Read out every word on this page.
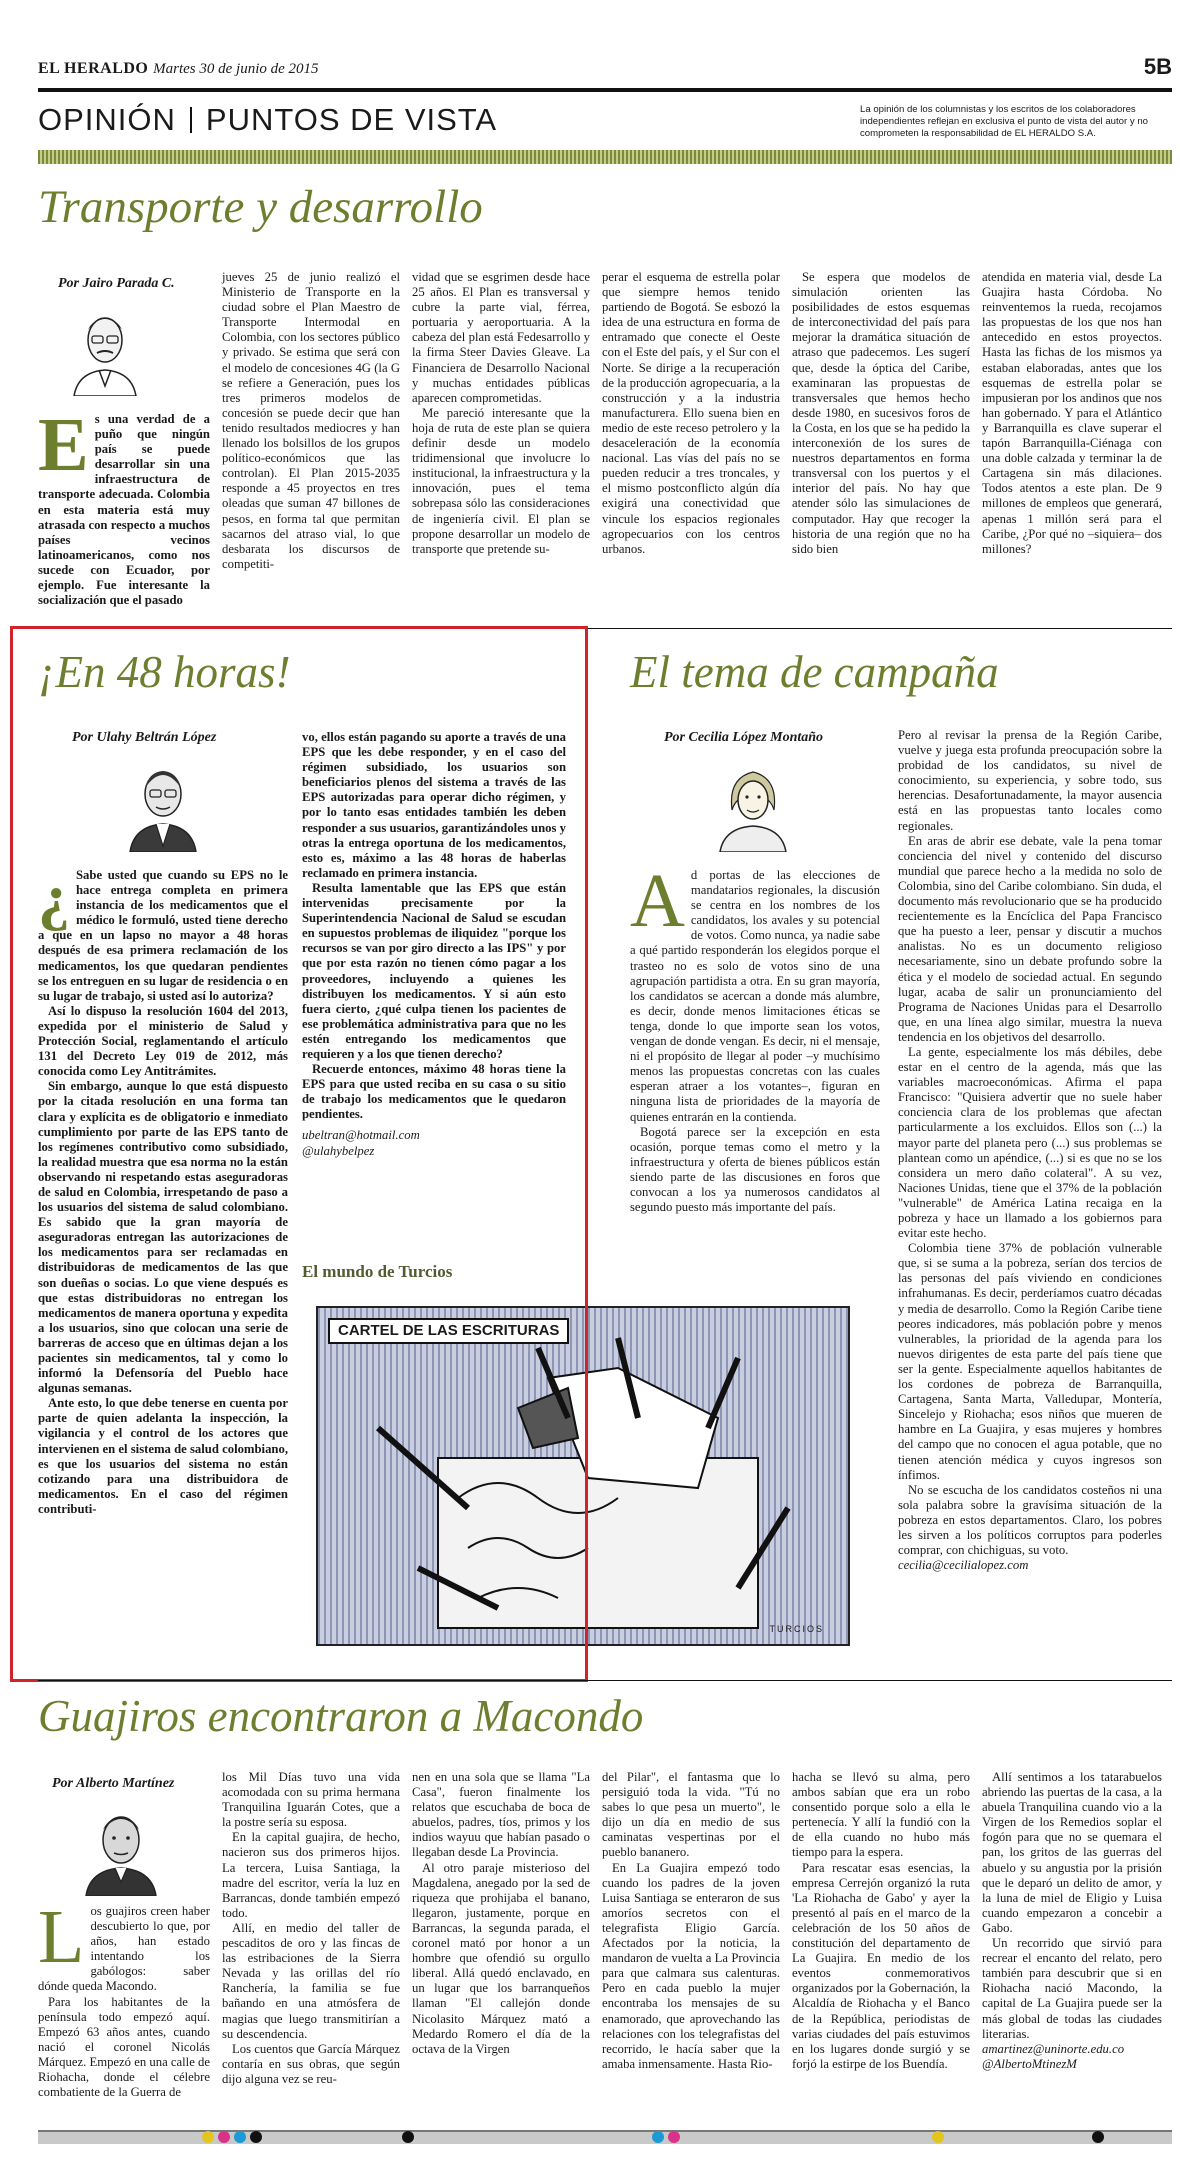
EL HERALDO Martes 30 de junio de 2015	5B
OPINIÓN PUNTOS DE VISTA	La opinión de los columnistas y los escritos de los colaboradores independientes reflejan en exclusiva el punto de vista del autor y no comprometen la responsabilidad de EL HERALDO S.A.
Transporte y desarrollo
Por Jairo Parada C.
Es una verdad de a puño que ningún país se puede desarrollar sin una infraestructura de transporte adecuada. Colombia en esta materia está muy atrasada con respecto a muchos países vecinos latinoamericanos, como nos sucede con Ecuador, por ejemplo. Fue interesante la socialización que el pasado

jueves 25 de junio realizó el Ministerio de Transporte en la ciudad sobre el Plan Maestro de Transporte Intermodal en Colombia, con los sectores público y privado. Se estima que será con el modelo de concesiones 4G (la G se refiere a Generación, pues los tres primeros modelos de concesión se puede decir que han tenido resultados mediocres y han llenado los bolsillos de los grupos político-económicos que las controlan). El Plan 2015-2035 responde a 45 proyectos en tres oleadas que suman 47 billones de pesos, en forma tal que permitan sacarnos del atraso vial, lo que desbarata los discursos de competiti-

vidad que se esgrimen desde hace 25 años. El Plan es transversal y cubre la parte vial, férrea, portuaria y aeroportuaria. A la cabeza del plan está Fedesarrollo y la firma Steer Davies Gleave. La Financiera de Desarrollo Nacional y muchas entidades públicas aparecen comprometidas.

Me pareció interesante que la hoja de ruta de este plan se quiera definir desde un modelo tridimensional que involucre lo institucional, la infraestructura y la innovación, pues el tema sobrepasa sólo las consideraciones de ingeniería civil. El plan se propone desarrollar un modelo de transporte que pretende su-

perar el esquema de estrella polar que siempre hemos tenido partiendo de Bogotá. Se esbozó la idea de una estructura en forma de entramado que conecte el Oeste con el Este del país, y el Sur con el Norte. Se dirige a la recuperación de la producción agropecuaria, a la construcción y a la industria manufacturera. Ello suena bien en medio de este receso petrolero y la desaceleración de la economía nacional. Las vías del país no se pueden reducir a tres troncales, y el mismo postconflicto algún día exigirá una conectividad que vincule los espacios regionales agropecuarios con los centros urbanos.

Se espera que modelos de simulación orienten las posibilidades de estos esquemas de interconectividad del país para mejorar la dramática situación de atraso que padecemos. Les sugerí que, desde la óptica del Caribe, examinaran las propuestas de transversales que hemos hecho desde 1980, en sucesivos foros de la Costa, en los que se ha pedido la interconexión de los sures de nuestros departamentos en forma transversal con los puertos y el interior del país. No hay que atender sólo las simulaciones de computador. Hay que recoger la historia de una región que no ha sido bien

atendida en materia vial, desde La Guajira hasta Córdoba. No reinventemos la rueda, recojamos las propuestas de los que nos han antecedido en estos proyectos. Hasta las fichas de los mismos ya estaban elaboradas, antes que los esquemas de estrella polar se impusieran por los andinos que nos han gobernado. Y para el Atlántico y Barranquilla es clave superar el tapón Barranquilla-Ciénaga con una doble calzada y terminar la de Cartagena sin más dilaciones. Todos atentos a este plan. De 9 millones de empleos que generará, apenas 1 millón será para el Caribe, ¿Por qué no –siquiera– dos millones?

¡En 48 horas!
Por Ulahy Beltrán López
¿ Sabe usted que cuando su EPS no le hace entrega completa en primera instancia de los medicamentos que el médico le formuló, usted tiene derecho a que en un lapso no mayor a 48 horas después de esa primera reclamación de los medicamentos, los que quedaran pendientes se los entreguen en su lugar de residencia o en su lugar de trabajo, si usted así lo autoriza?

Así lo dispuso la resolución 1604 del 2013, expedida por el ministerio de Salud y Protección Social, reglamentando el artículo 131 del Decreto Ley 019 de 2012, más conocida como Ley Antitrámites.

Sin embargo, aunque lo que está dispuesto por la citada resolución en una forma tan clara y explícita es de obligatorio e inmediato cumplimiento por parte de las EPS tanto de los regímenes contributivo como subsidiado, la realidad muestra que esa norma no la están observando ni respetando estas aseguradoras de salud en Colombia, irrespetando de paso a los usuarios del sistema de salud colombiano. Es sabido que la gran mayoría de aseguradoras entregan las autorizaciones de los medicamentos para ser reclamadas en distribuidoras de medicamentos de las que son dueñas o socias. Lo que viene después es que estas distribuidoras no entregan los medicamentos de manera oportuna y expedita a los usuarios, sino que colocan una serie de barreras de acceso que en últimas dejan a los pacientes sin medicamentos, tal y como lo informó la Defensoría del Pueblo hace algunas semanas.

Ante esto, lo que debe tenerse en cuenta por parte de quien adelanta la inspección, la vigilancia y el control de los actores que intervienen en el sistema de salud colombiano, es que los usuarios del sistema no están cotizando para una distribuidora de medicamentos. En el caso del régimen contributi-

vo, ellos están pagando su aporte a través de una EPS que les debe responder, y en el caso del régimen subsidiado, los usuarios son beneficiarios plenos del sistema a través de las EPS autorizadas para operar dicho régimen, y por lo tanto esas entidades también les deben responder a sus usuarios, garantizándoles unos y otras la entrega oportuna de los medicamentos, esto es, máximo a las 48 horas de haberlas reclamado en primera instancia.

Resulta lamentable que las EPS que están intervenidas precisamente por la Superintendencia Nacional de Salud se escudan en supuestos problemas de iliquidez "porque los recursos se van por giro directo a las IPS" y por que por esta razón no tienen cómo pagar a los proveedores, incluyendo a quienes les distribuyen los medicamentos. Y si aún esto fuera cierto, ¿qué culpa tienen los pacientes de ese problemática administrativa para que no les estén entregando los medicamentos que requieren y a los que tienen derecho?

Recuerde entonces, máximo 48 horas tiene la EPS para que usted reciba en su casa o su sitio de trabajo los medicamentos que le quedaron pendientes.

ubeltran@hotmail.com

@ulahybelpez

El mundo de Turcios
CARTEL DE LAS ESCRITURAS
TURCIOS
El tema de campaña
Por Cecilia López Montaño
A d portas de las elecciones de mandatarios regionales, la discusión se centra en los nombres de los candidatos, los avales y su potencial de votos. Como nunca, ya nadie sabe a qué partido responderán los elegidos porque el trasteo no es solo de votos sino de una agrupación partidista a otra. En su gran mayoría, los candidatos se acercan a donde más alumbre, es decir, donde menos limitaciones éticas se tenga, donde lo que importe sean los votos, vengan de donde vengan. Es decir, ni el mensaje, ni el propósito de llegar al poder –y muchísimo menos las propuestas concretas con las cuales esperan atraer a los votantes–, figuran en ninguna lista de prioridades de la mayoría de quienes entrarán en la contienda.

Bogotá parece ser la excepción en esta ocasión, porque temas como el metro y la infraestructura y oferta de bienes públicos están siendo parte de las discusiones en foros que convocan a los ya numerosos candidatos al segundo puesto más importante del país.

Pero al revisar la prensa de la Región Caribe, vuelve y juega esta profunda preocupación sobre la probidad de los candidatos, su nivel de conocimiento, su experiencia, y sobre todo, sus herencias. Desafortunadamente, la mayor ausencia está en las propuestas tanto locales como regionales.

En aras de abrir ese debate, vale la pena tomar conciencia del nivel y contenido del discurso mundial que parece hecho a la medida no solo de Colombia, sino del Caribe colombiano. Sin duda, el documento más revolucionario que se ha producido recientemente es la Encíclica del Papa Francisco que ha puesto a leer, pensar y discutir a muchos analistas. No es un documento religioso necesariamente, sino un debate profundo sobre la ética y el modelo de sociedad actual. En segundo lugar, acaba de salir un pronunciamiento del Programa de Naciones Unidas para el Desarrollo que, en una línea algo similar, muestra la nueva tendencia en los objetivos del desarrollo.

La gente, especialmente los más débiles, debe estar en el centro de la agenda, más que las variables macroeconómicas. Afirma el papa Francisco: "Quisiera advertir que no suele haber conciencia clara de los problemas que afectan particularmente a los excluidos. Ellos son (...) la mayor parte del planeta pero (...) sus problemas se plantean como un apéndice, (...) si es que no se los considera un mero daño colateral". A su vez, Naciones Unidas, tiene que el 37% de la población "vulnerable" de América Latina recaiga en la pobreza y hace un llamado a los gobiernos para evitar este hecho.

Colombia tiene 37% de población vulnerable que, si se suma a la pobreza, serían dos tercios de las personas del país viviendo en condiciones infrahumanas. Es decir, perderíamos cuatro décadas y media de desarrollo. Como la Región Caribe tiene peores indicadores, más población pobre y menos vulnerables, la prioridad de la agenda para los nuevos dirigentes de esta parte del país tiene que ser la gente. Especialmente aquellos habitantes de los cordones de pobreza de Barranquilla, Cartagena, Santa Marta, Valledupar, Montería, Sincelejo y Riohacha; esos niños que mueren de hambre en La Guajira, y esas mujeres y hombres del campo que no conocen el agua potable, que no tienen atención médica y cuyos ingresos son ínfimos.

No se escucha de los candidatos costeños ni una sola palabra sobre la gravísima situación de la pobreza en estos departamentos. Claro, los pobres les sirven a los políticos corruptos para poderles comprar, con chichiguas, su voto.

cecilia@cecilialopez.com

Guajiros encontraron a Macondo
Por Alberto Martínez
L os guajiros creen haber descubierto lo que, por años, han estado intentando los gabólogos: saber dónde queda Macondo.

Para los habitantes de la península todo empezó aquí. Empezó 63 años antes, cuando nació el coronel Nicolás Márquez. Empezó en una calle de Riohacha, donde el célebre combatiente de la Guerra de

los Mil Días tuvo una vida acomodada con su prima hermana Tranquilina Iguarán Cotes, que a la postre sería su esposa.

En la capital guajira, de hecho, nacieron sus dos primeros hijos. La tercera, Luisa Santiaga, la madre del escritor, vería la luz en Barrancas, donde también empezó todo.

Allí, en medio del taller de pescaditos de oro y las fincas de las estribaciones de la Sierra Nevada y las orillas del río Ranchería, la familia se fue bañando en una atmósfera de magias que luego transmitirían a su descendencia.

Los cuentos que García Márquez contaría en sus obras, que según dijo alguna vez se reu-

nen en una sola que se llama "La Casa", fueron finalmente los relatos que escuchaba de boca de abuelos, padres, tíos, primos y los indios wayuu que habían pasado o llegaban desde La Provincia.

Al otro paraje misterioso del Magdalena, anegado por la sed de riqueza que prohijaba el banano, llegaron, justamente, porque en Barrancas, la segunda parada, el coronel mató por honor a un hombre que ofendió su orgullo liberal. Allá quedó enclavado, en un lugar que los barranqueños llaman "El callejón donde Nicolasito Márquez mató a Medardo Romero el día de la octava de la Virgen

del Pilar", el fantasma que lo persiguió toda la vida. "Tú no sabes lo que pesa un muerto", le dijo un día en medio de sus caminatas vespertinas por el pueblo bananero.

En La Guajira empezó todo cuando los padres de la joven Luisa Santiaga se enteraron de sus amoríos secretos con el telegrafista Eligio García. Afectados por la noticia, la mandaron de vuelta a La Provincia para que calmara sus calenturas. Pero en cada pueblo la mujer encontraba los mensajes de su enamorado, que aprovechando las relaciones con los telegrafistas del recorrido, le hacía saber que la amaba inmensamente. Hasta Rio-

hacha se llevó su alma, pero ambos sabían que era un robo consentido porque solo a ella le pertenecía. Y allí la fundió con la de ella cuando no hubo más tiempo para la espera.

Para rescatar esas esencias, la empresa Cerrejón organizó la ruta 'La Riohacha de Gabo' y ayer la presentó al país en el marco de la celebración de los 50 años de constitución del departamento de La Guajira. En medio de los eventos conmemorativos organizados por la Gobernación, la Alcaldía de Riohacha y el Banco de la República, periodistas de varias ciudades del país estuvimos en los lugares donde surgió y se forjó la estirpe de los Buendía.

Allí sentimos a los tatarabuelos abriendo las puertas de la casa, a la abuela Tranquilina cuando vio a la Virgen de los Remedios soplar el fogón para que no se quemara el pan, los gritos de las guerras del abuelo y su angustia por la prisión que le deparó un delito de amor, y la luna de miel de Eligio y Luisa cuando empezaron a concebir a Gabo.

Un recorrido que sirvió para recrear el encanto del relato, pero también para descubrir que si en Riohacha nació Macondo, la capital de La Guajira puede ser la más global de todas las ciudades literarias.

amartinez@uninorte.edu.co

@AlbertoMtinezM
